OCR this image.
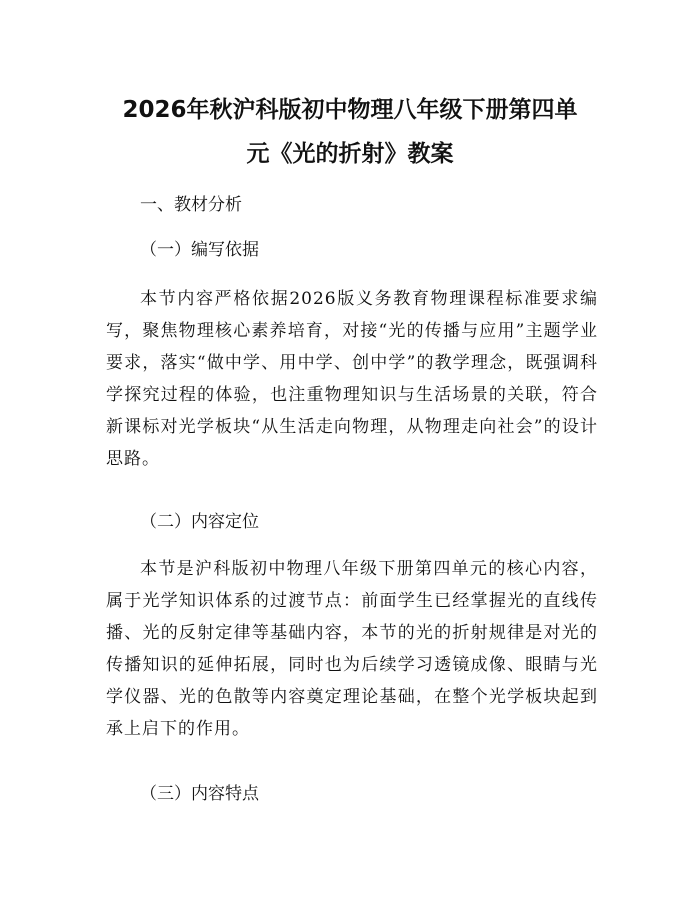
2026年秋沪科版初中物理八年级下册第四单
元《光的折射》教案

一、教材分析

（一）编写依据

本节内容严格依据2026版义务教育物理课程标准要求编写，聚焦物理核心素养培育，对接“光的传播与应用”主题学业要求，落实“做中学、用中学、创中学”的教学理念，既强调科学探究过程的体验，也注重物理知识与生活场景的关联，符合新课标对光学板块“从生活走向物理，从物理走向社会”的设计思路。

（二）内容定位

本节是沪科版初中物理八年级下册第四单元的核心内容，属于光学知识体系的过渡节点：前面学生已经掌握光的直线传播、光的反射定律等基础内容，本节的光的折射规律是对光的传播知识的延伸拓展，同时也为后续学习透镜成像、眼睛与光学仪器、光的色散等内容奠定理论基础，在整个光学板块起到承上启下的作用。

（三）内容特点
